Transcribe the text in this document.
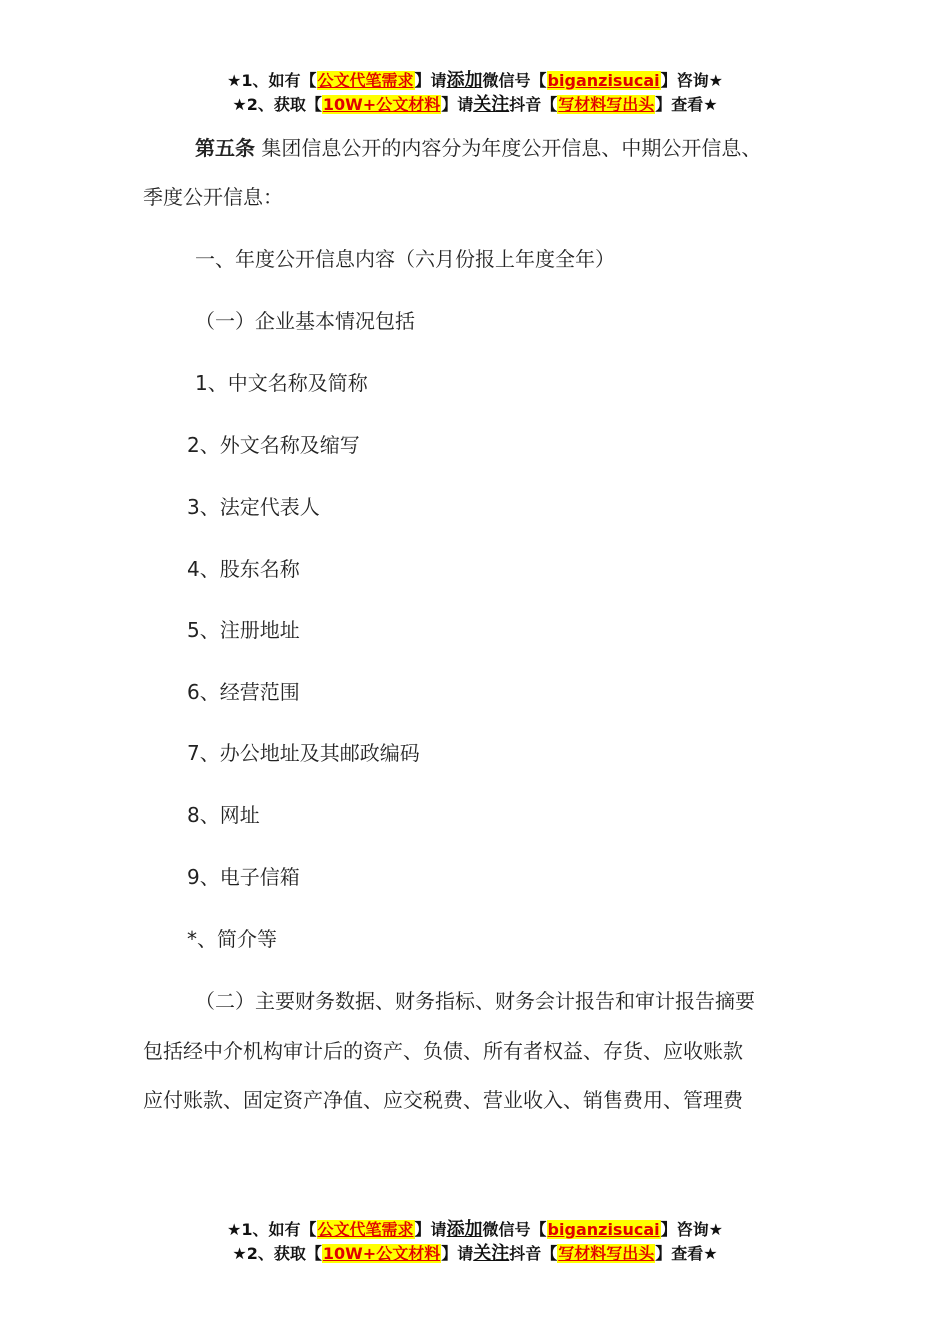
★1、如有【公文代笔需求】请添加微信号【biganzisucai】咨询★
★2、获取【10W+公文材料】请关注抖音【写材料写出头】查看★
第五条 集团信息公开的内容分为年度公开信息、中期公开信息、
季度公开信息：
一、年度公开信息内容（六月份报上年度全年）
（一）企业基本情况包括
1、中文名称及简称
2、外文名称及缩写
3、法定代表人
4、股东名称
5、注册地址
6、经营范围
7、办公地址及其邮政编码
8、网址
9、电子信箱
*、简介等
（二）主要财务数据、财务指标、财务会计报告和审计报告摘要
包括经中介机构审计后的资产、负债、所有者权益、存货、应收账款
应付账款、固定资产净值、应交税费、营业收入、销售费用、管理费
★1、如有【公文代笔需求】请添加微信号【biganzisucai】咨询★
★2、获取【10W+公文材料】请关注抖音【写材料写出头】查看★
